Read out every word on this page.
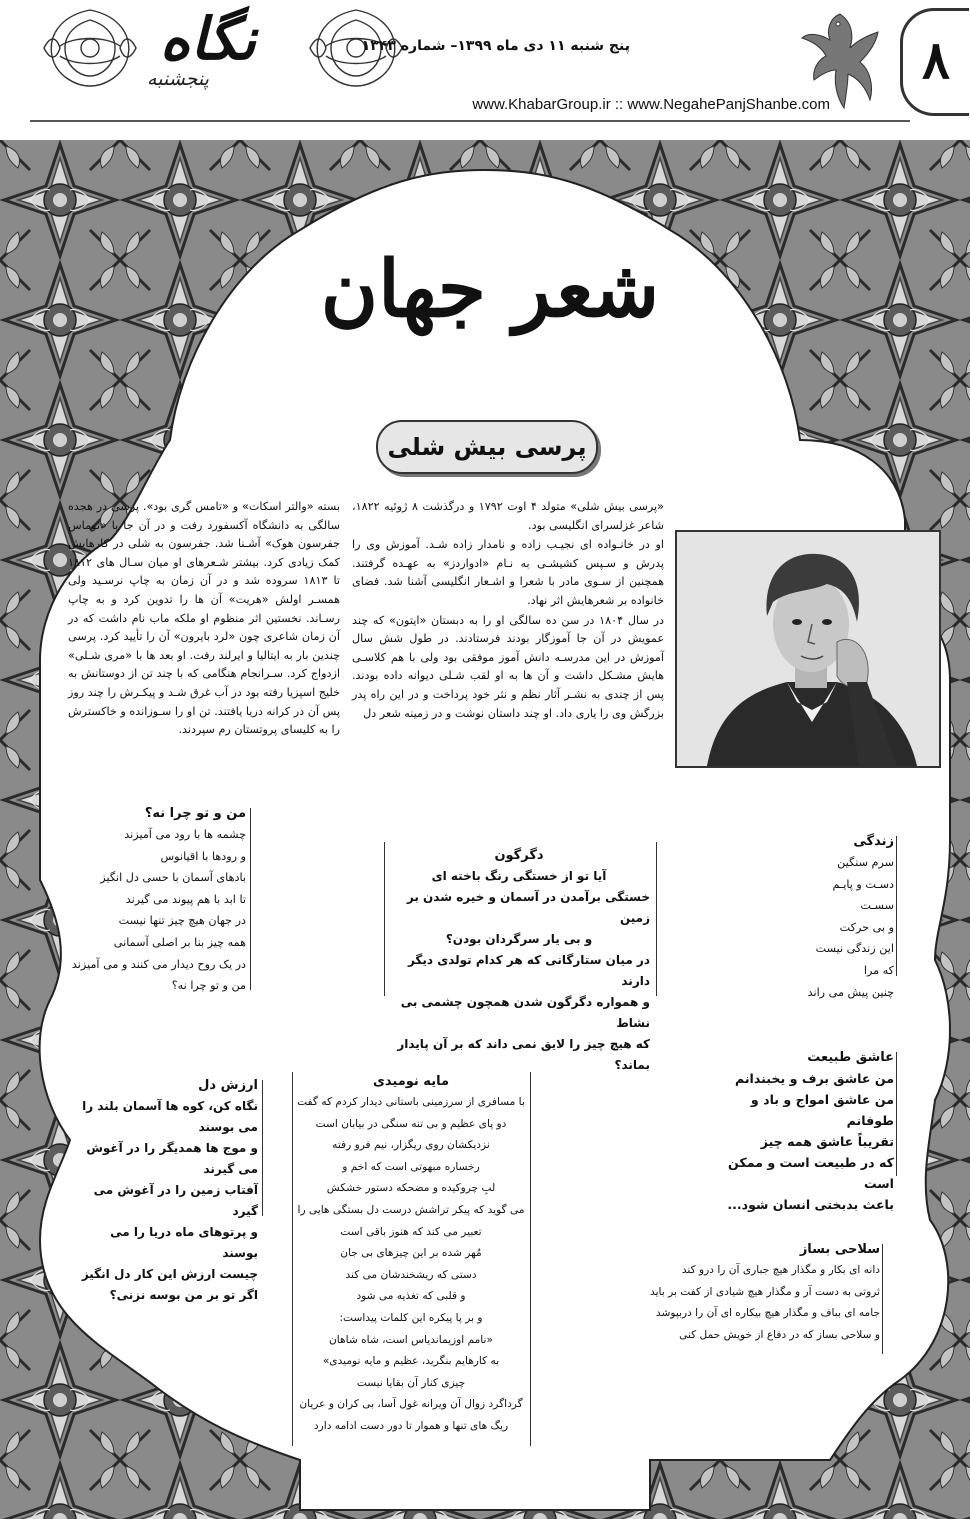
نگاه
پنجشنبه
پنج شنبه ۱۱ دی ماه ۱۳۹۹– شماره ۱۳۴۳
www.KhabarGroup.ir :: www.NegahePanjShanbe.com
۸
شعر جهان
پرسی بیش شلی

«پرسی بیش شلی» متولد ۴ اوت ۱۷۹۲ و درگذشت ۸ ژوئیه ۱۸۲۲، شاعر غزلسرای انگلیسی بود.

او در خانـواده ای نجیـب زاده و نامدار زاده شـد. آموزش وی را پدرش و سـپس کشیشـی به نـام «ادواردز» به عهـده گرفتند. همچنین از سـوی مادر با شعرا و اشـعار انگلیسی آشنا شد. فضای خانواده بر شعرهایش اثر نهاد.

در سال ۱۸۰۴ در سن ده سالگی او را به دبستان «ایتون» که چند عمویش در آن جا آموزگار بودند فرستادند. در طول شش سال آموزش در این مدرسـه دانش آموز موفقی بود ولی با هم کلاسـی هایش مشـکل داشت و آن ها به او لقب شـلی دیوانه داده بودند. پس از چندی به نشـر آثار نظم و نثر خود پرداخت و در این راه پدر بزرگش وی را یاری داد. او چند داستان نوشت و در زمینه شعر دل

بسته «والتر اسکات» و «تامس گری بود». پرسی در هجده سالگی به دانشگاه آکسفورد رفت و در آن جا با «توماس جفرسون هوک» آشـنا شد. جفرسون به شلی در کارهایش کمک زیادی کرد. بیشتر شـعرهای او میان سـال های ۱۸۱۲ تا ۱۸۱۳ سروده شد و در آن زمان به چاپ نرسـید ولی همسـر اولش «هریت» آن ها را تدوین کرد و به چاپ رسـاند. نخستین اثر منظوم او ملکه ماب نام داشت که در آن زمان شاعری چون «لرد بایرون» آن را تأیید کرد. پرسی چندین بار به ایتالیا و ایرلند رفت. او بعد ها با «مری شـلی» ازدواج کرد. سـرانجام هنگامی که با چند تن از دوستانش به خلیج اسپزیا رفته بود در آب غرق شـد و پیکـرش را چند روز پس آن در کرانه دریا یافتند. تن او را سـوزانده و خاکسترش را به کلیسای پروتستان رم سپردند.

زندگی
سرم سنگین
دسـت و پایـم سسـت
و بی حرکت
این زندگی نیست
که مرا
چنین پیش می راند
دگرگون
آیا تو از خستگی رنگ باخته ای
خستگی برآمدن در آسمان و خیره شدن بر زمین
و بی یار سرگردان بودن؟
در میان ستارگانی که هر کدام تولدی دیگر دارند
و همواره دگرگون شدن همچون چشمی بی نشاط
که هیچ چیز را لایق نمی داند که بر آن پایدار بماند؟
من و تو چرا نه؟
چشمه ها با رود می آمیزند
و رودها با اقیانوس
بادهای آسمان با حسی دل انگیز
تا ابد با هم پیوند می گیرند
در جهان هیچ چیز تنها نیست
همه چیز بنا بر اصلی آسمانی
در یک روح دیدار می کنند و می آمیزند
من و تو چرا نه؟
عاشق طبیعت
من عاشق برف و یخبندانم
من عاشق امواج و باد و طوفانم
تقریباً عاشق همه چیز
که در طبیعت است و ممکن است
باعث بدبختی انسان شود...
مایه نومیدی
با مسافری از سرزمینی باستانی دیدار کردم که گفت
دو پای عظیم و بی تنه سنگی در بیابان است
نزدیکشان روی ریگزار، نیم فرو رفته
رخساره مبهوتی است که اخم و
لبِ چروکیده و مضحکه دستور خشکش
می گوید که پیکر تراشش درست دل بستگی هایی را
تعبیر می کند که هنوز باقی است
مُهر شده بر این چیزهای بی جان
دستی که ریشخندشان می کند
و قلبی که تغذیه می شود
و بر پا پیکره این کلمات پیداست:
«نامم اوزیماندیاس است، شاه شاهان
به کارهایم بنگرید، عظیم و مایه نومیدی»
چیزی کنار آن بقایا نیست
گرداگرد زوال آن ویرانه غول آسا، بی کران و عریان
ریگ های تنها و هموار تا دور دست ادامه دارد
ارزش دل
نگاه کن، کوه ها آسمان بلند را می بوسند
و موج ها همدیگر را در آغوش می گیرند
آفتاب زمین را در آغوش می گیرد
و پرتوهای ماه دریا را می بوسند
چیست ارزش این کار دل انگیز
اگر تو بر من بوسه نزنی؟
سلاحی بساز
دانه ای بکار و مگذار هیچ جباری آن را درو کند
ثروتی به دست آر و مگذار هیچ شیادی از کفت بر باید
جامه ای بباف و مگذار هیچ بیکاره ای آن را دربپوشد
و سلاحی بساز که در دفاع از خویش حمل کنی
